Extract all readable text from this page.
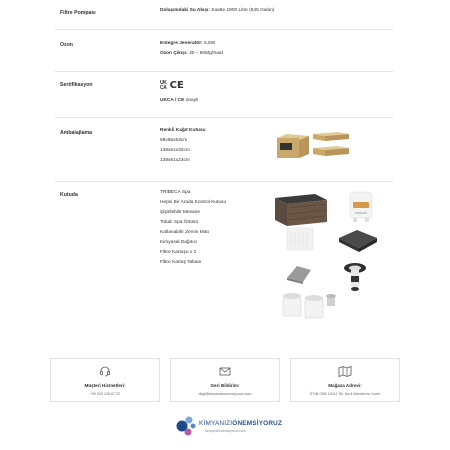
Filtre Pompası	Dolaşımdaki Su Akışı: Saatte 1800 Litre (545 Galon)
Ozon	Entegre Jeneratör: 5,5W
Ozon Çıkışı: 30 – 50Mg/Saat
Sertifikasyon	UK
CA CE
UKCA / CE onaylı
Ambalajlama	Renkli Kağıt Kutusu
68x55x53cm
138x61x32cm
138x61x23cm
Kutuda	TRIBECA Spa
Hepsi Bir Arada Kontrol Kutusu
Şişirilebilir Mesane
Tokalı Spa Örtüsü
Katlanabilir Zemin Matı
Kimyasal Dağıtıcı
Filtre Kartuşu x 2
Filtre Kartuş Tabanı
Müşteri Hizmetleri:
+90 533 135 67 22
Geri Bildirim:
bilgi@kimyanizionemsiyoruz.com
Mağaza Adresi:
İTOB OSB 10017 Sk. No:4 Menderes / İzmir
KİMYANIZIÖNEMSİYORUZ
kimyanizionemsiyoruz.com
